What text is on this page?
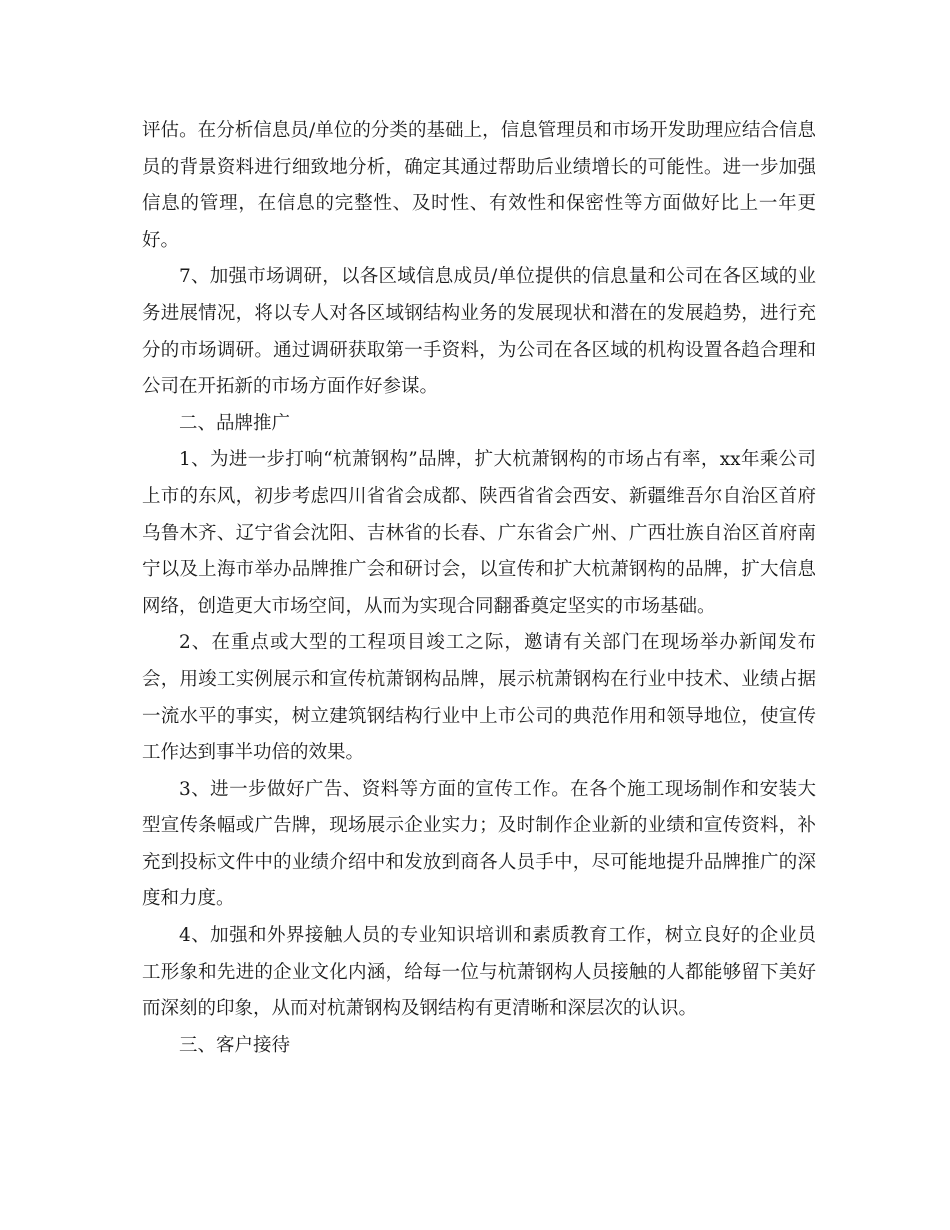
评估。在分析信息员/单位的分类的基础上，信息管理员和市场开发助理应结合信息员的背景资料进行细致地分析，确定其通过帮助后业绩增长的可能性。进一步加强信息的管理，在信息的完整性、及时性、有效性和保密性等方面做好比上一年更好。

7、加强市场调研，以各区域信息成员/单位提供的信息量和公司在各区域的业务进展情况，将以专人对各区域钢结构业务的发展现状和潜在的发展趋势，进行充分的市场调研。通过调研获取第一手资料，为公司在各区域的机构设置各趋合理和公司在开拓新的市场方面作好参谋。

二、品牌推广

1、为进一步打响“杭萧钢构”品牌，扩大杭萧钢构的市场占有率，xx年乘公司上市的东风，初步考虑四川省省会成都、陕西省省会西安、新疆维吾尔自治区首府乌鲁木齐、辽宁省会沈阳、吉林省的长春、广东省会广州、广西壮族自治区首府南宁以及上海市举办品牌推广会和研讨会，以宣传和扩大杭萧钢构的品牌，扩大信息网络，创造更大市场空间，从而为实现合同翻番奠定坚实的市场基础。

2、在重点或大型的工程项目竣工之际，邀请有关部门在现场举办新闻发布会，用竣工实例展示和宣传杭萧钢构品牌，展示杭萧钢构在行业中技术、业绩占据一流水平的事实，树立建筑钢结构行业中上市公司的典范作用和领导地位，使宣传工作达到事半功倍的效果。

3、进一步做好广告、资料等方面的宣传工作。在各个施工现场制作和安装大型宣传条幅或广告牌，现场展示企业实力；及时制作企业新的业绩和宣传资料，补充到投标文件中的业绩介绍中和发放到商各人员手中，尽可能地提升品牌推广的深度和力度。

4、加强和外界接触人员的专业知识培训和素质教育工作，树立良好的企业员工形象和先进的企业文化内涵，给每一位与杭萧钢构人员接触的人都能够留下美好而深刻的印象，从而对杭萧钢构及钢结构有更清晰和深层次的认识。

三、客户接待
